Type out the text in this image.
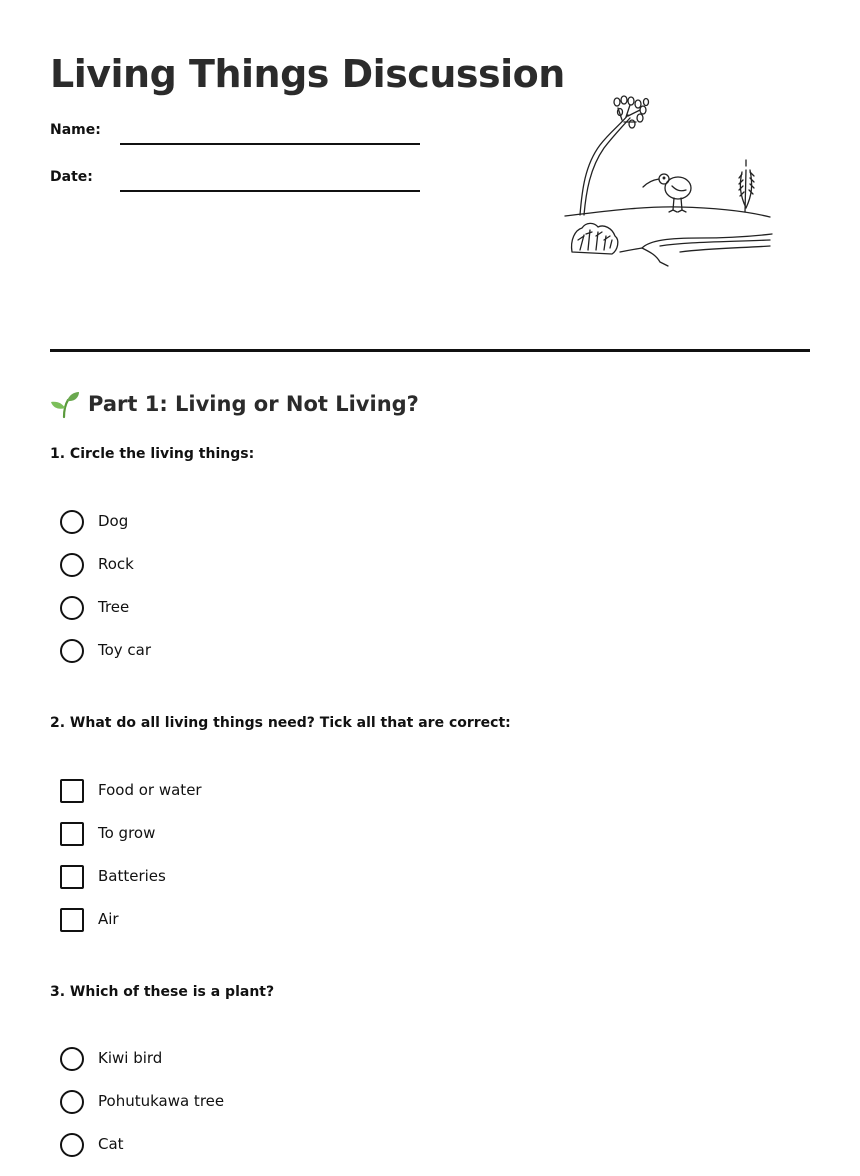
Living Things Discussion
Name:
Date:
Part 1: Living or Not Living?

1. Circle the living things:

Dog
Rock
Tree
Toy car

2. What do all living things need? Tick all that are correct:

Food or water
To grow
Batteries
Air

3. Which of these is a plant?

Kiwi bird
Pohutukawa tree
Cat
